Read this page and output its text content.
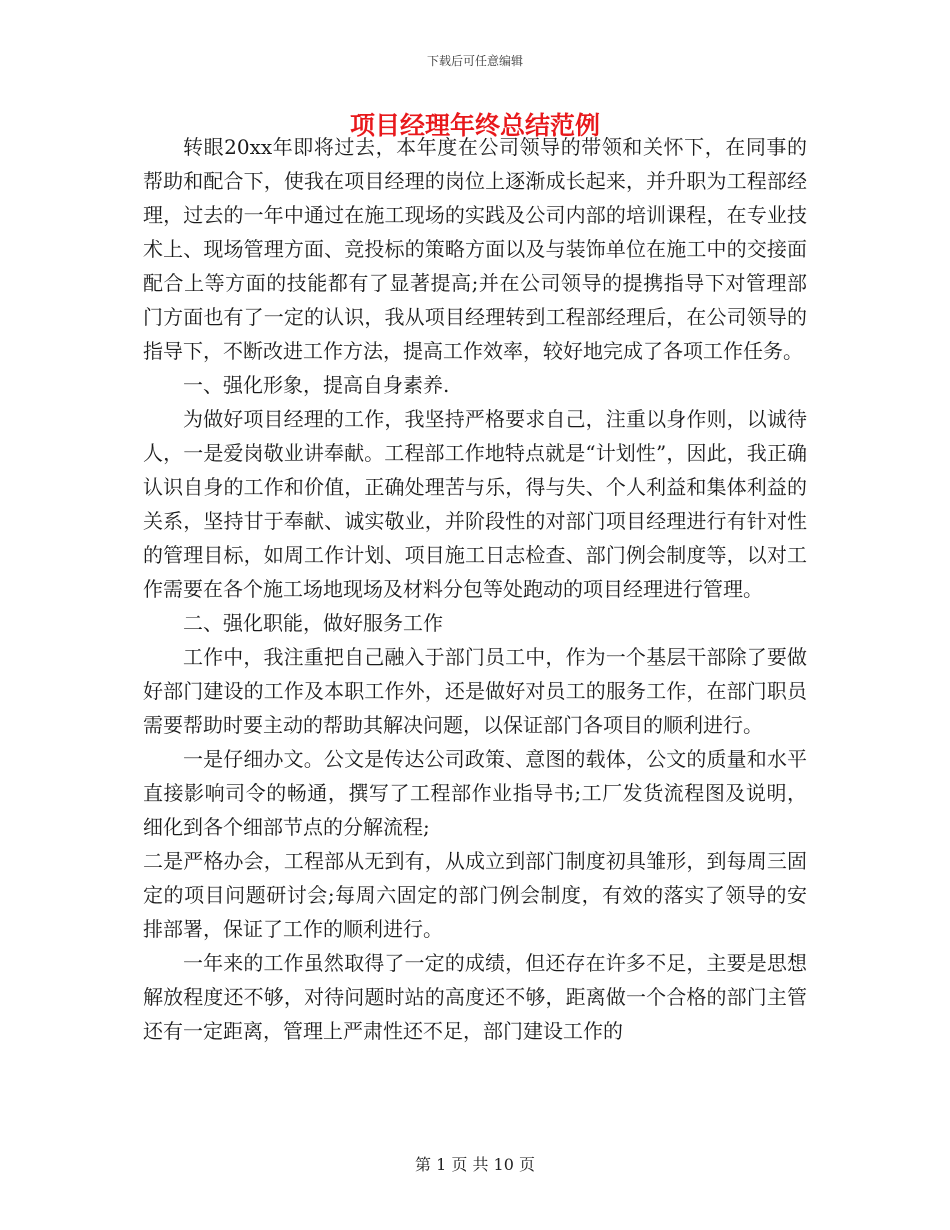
下载后可任意编辑
项目经理年终总结范例

转眼20xx年即将过去，本年度在公司领导的带领和关怀下，在同事的帮助和配合下，使我在项目经理的岗位上逐渐成长起来，并升职为工程部经理，过去的一年中通过在施工现场的实践及公司内部的培训课程，在专业技术上、现场管理方面、竞投标的策略方面以及与装饰单位在施工中的交接面配合上等方面的技能都有了显著提高;并在公司领导的提携指导下对管理部门方面也有了一定的认识，我从项目经理转到工程部经理后，在公司领导的指导下，不断改进工作方法，提高工作效率，较好地完成了各项工作任务。

一、强化形象，提高自身素养.

为做好项目经理的工作，我坚持严格要求自己，注重以身作则，以诚待人，一是爱岗敬业讲奉献。工程部工作地特点就是“计划性”，因此，我正确认识自身的工作和价值，正确处理苦与乐，得与失、个人利益和集体利益的关系，坚持甘于奉献、诚实敬业，并阶段性的对部门项目经理进行有针对性的管理目标，如周工作计划、项目施工日志检查、部门例会制度等，以对工作需要在各个施工场地现场及材料分包等处跑动的项目经理进行管理。

二、强化职能，做好服务工作

工作中，我注重把自己融入于部门员工中，作为一个基层干部除了要做好部门建设的工作及本职工作外，还是做好对员工的服务工作，在部门职员需要帮助时要主动的帮助其解决问题，以保证部门各项目的顺利进行。

一是仔细办文。公文是传达公司政策、意图的载体，公文的质量和水平直接影响司令的畅通，撰写了工程部作业指导书;工厂发货流程图及说明，细化到各个细部节点的分解流程;

二是严格办会，工程部从无到有，从成立到部门制度初具雏形，到每周三固定的项目问题研讨会;每周六固定的部门例会制度，有效的落实了领导的安排部署，保证了工作的顺利进行。

一年来的工作虽然取得了一定的成绩，但还存在许多不足，主要是思想解放程度还不够，对待问题时站的高度还不够，距离做一个合格的部门主管还有一定距离，管理上严肃性还不足，部门建设工作的

第 1 页 共 10 页
